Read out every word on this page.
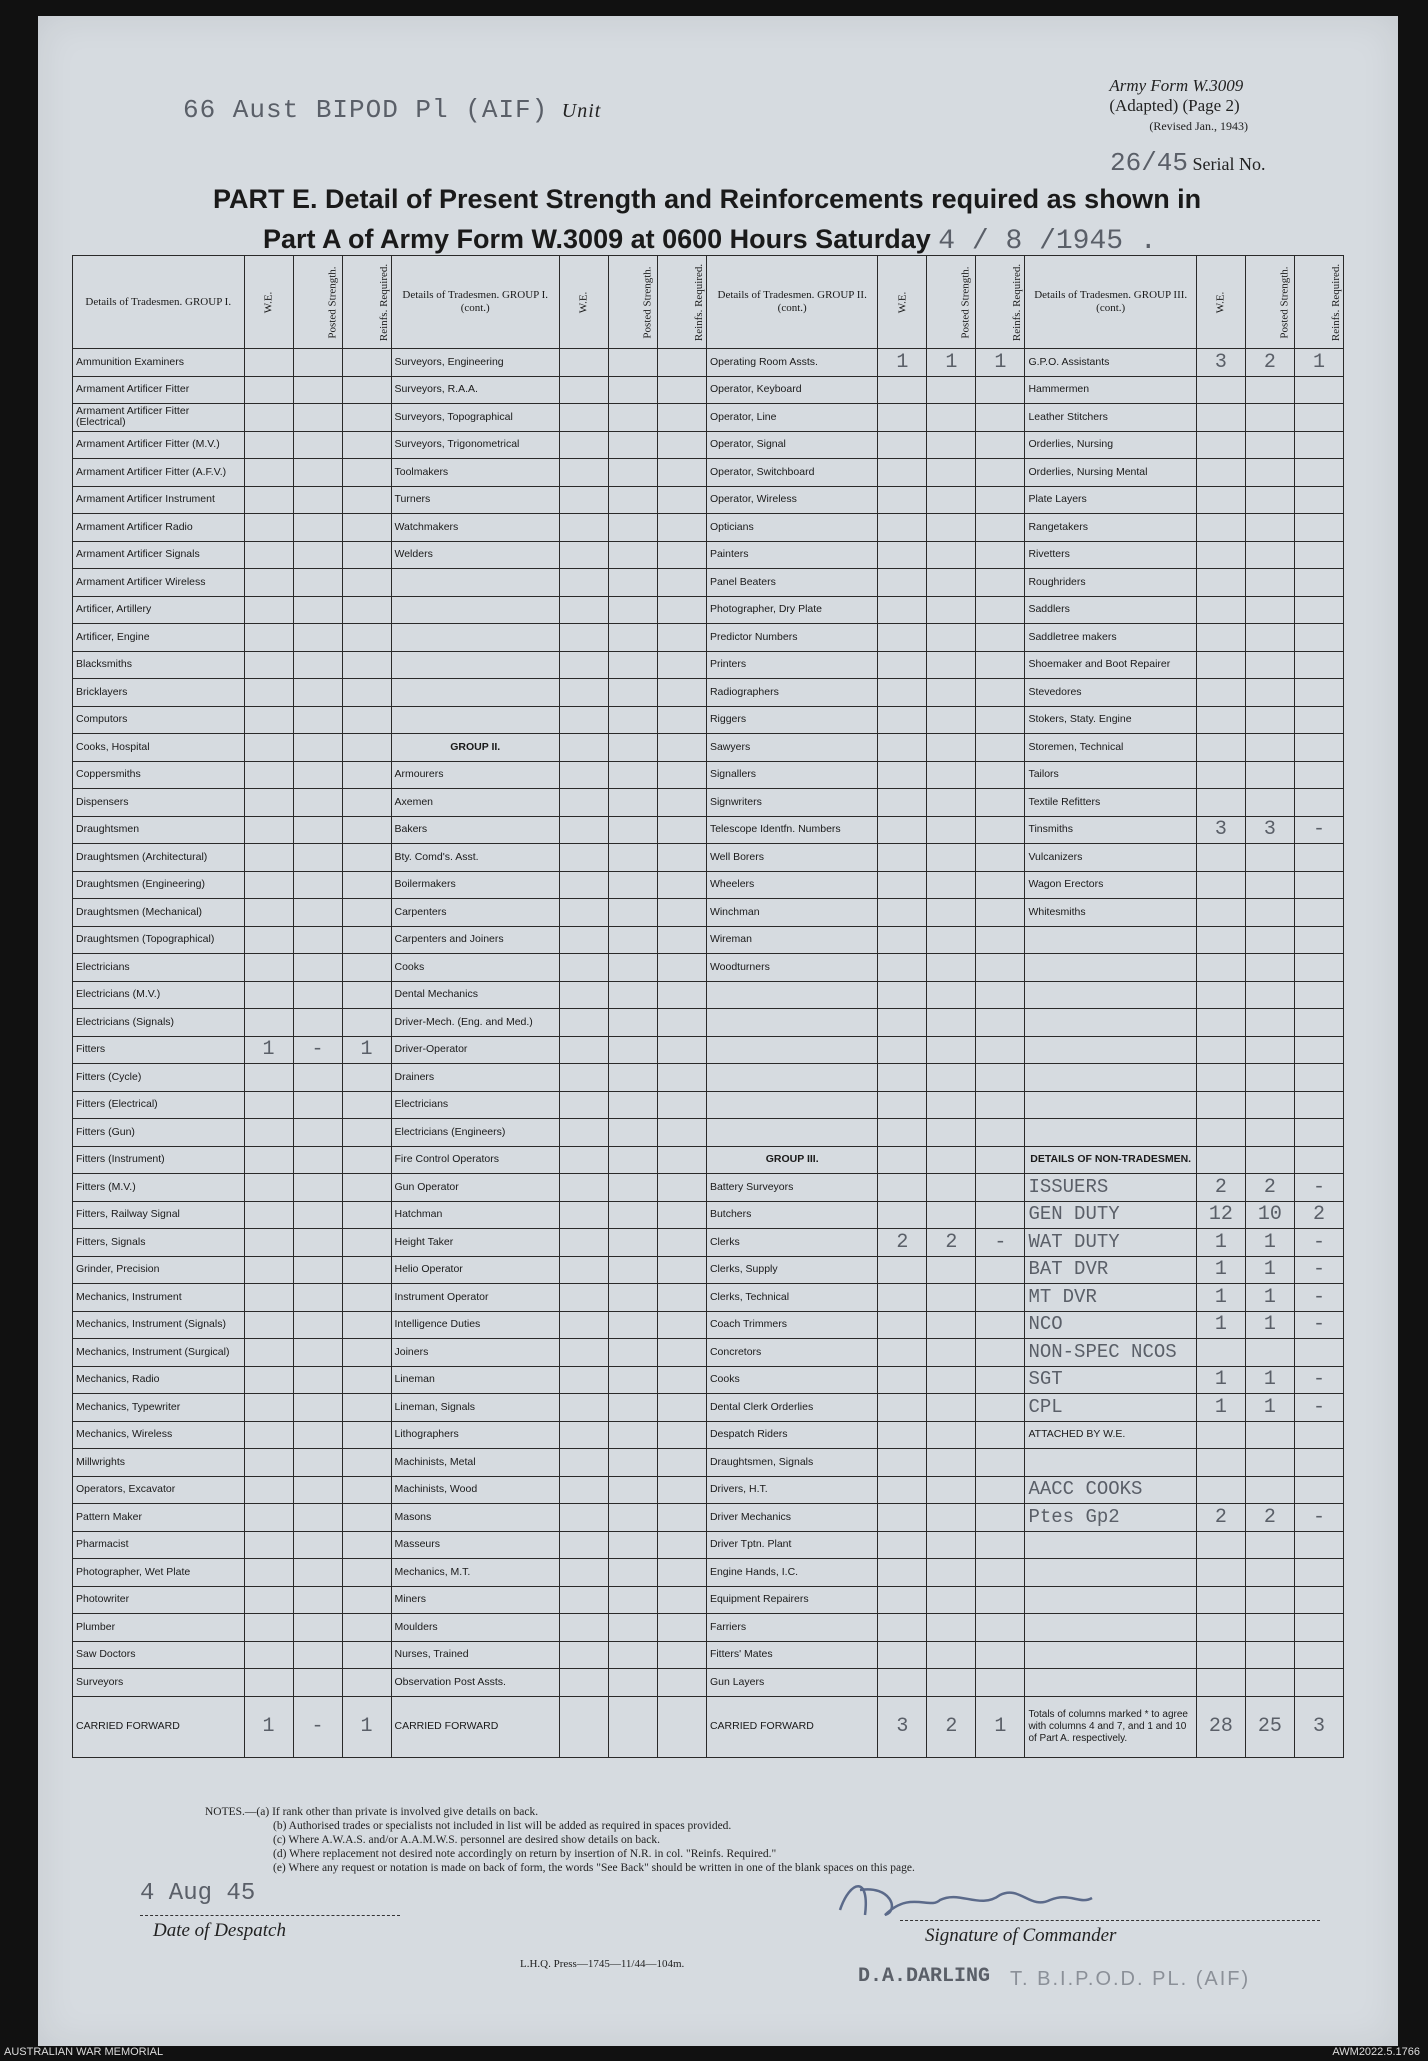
66 Aust BIPOD Pl (AIF) Unit
Army Form W.3009
(Adapted) (Page 2)
(Revised Jan., 1943)
26/45 Serial No.
PART E. Detail of Present Strength and Reinforcements required as shown in
Part A of Army Form W.3009 at 0600 Hours Saturday 4 / 8 /1945 .
Details of Tradesmen. GROUP I.	W.E.	Posted Strength.	Reinfs. Required.	Details of Tradesmen. GROUP I. (cont.)	W.E.	Posted Strength.	Reinfs. Required.	Details of Tradesmen. GROUP II. (cont.)	W.E.	Posted Strength.	Reinfs. Required.	Details of Tradesmen. GROUP III. (cont.)	W.E.	Posted Strength.	Reinfs. Required.
Ammunition Examiners				Surveyors, Engineering				Operating Room Assts.	1	1	1	G.P.O. Assistants	3	2	1
Armament Artificer Fitter				Surveyors, R.A.A.				Operator, Keyboard				Hammermen			
Armament Artificer Fitter (Electrical)				Surveyors, Topographical				Operator, Line				Leather Stitchers			
Armament Artificer Fitter (M.V.)				Surveyors, Trigonometrical				Operator, Signal				Orderlies, Nursing			
Armament Artificer Fitter (A.F.V.)				Toolmakers				Operator, Switchboard				Orderlies, Nursing Mental			
Armament Artificer Instrument				Turners				Operator, Wireless				Plate Layers			
Armament Artificer Radio				Watchmakers				Opticians				Rangetakers			
Armament Artificer Signals				Welders				Painters				Rivetters			
Armament Artificer Wireless								Panel Beaters				Roughriders			
Artificer, Artillery								Photographer, Dry Plate				Saddlers			
Artificer, Engine								Predictor Numbers				Saddletree makers			
Blacksmiths								Printers				Shoemaker and Boot Repairer			
Bricklayers								Radiographers				Stevedores			
Computors								Riggers				Stokers, Staty. Engine			
Cooks, Hospital				GROUP II.				Sawyers				Storemen, Technical			
Coppersmiths				Armourers				Signallers				Tailors			
Dispensers				Axemen				Signwriters				Textile Refitters			
Draughtsmen				Bakers				Telescope Identfn. Numbers				Tinsmiths	3	3	-
Draughtsmen (Architectural)				Bty. Comd's. Asst.				Well Borers				Vulcanizers			
Draughtsmen (Engineering)				Boilermakers				Wheelers				Wagon Erectors			
Draughtsmen (Mechanical)				Carpenters				Winchman				Whitesmiths			
Draughtsmen (Topographical)				Carpenters and Joiners				Wireman							
Electricians				Cooks				Woodturners							
Electricians (M.V.)				Dental Mechanics											
Electricians (Signals)				Driver-Mech. (Eng. and Med.)											
Fitters	1	-	1	Driver-Operator											
Fitters (Cycle)				Drainers											
Fitters (Electrical)				Electricians											
Fitters (Gun)				Electricians (Engineers)											
Fitters (Instrument)				Fire Control Operators				GROUP III.				DETAILS OF NON-TRADESMEN.			
Fitters (M.V.)				Gun Operator				Battery Surveyors				ISSUERS	2	2	-
Fitters, Railway Signal				Hatchman				Butchers				GEN DUTY	12	10	2
Fitters, Signals				Height Taker				Clerks	2	2	-	WAT DUTY	1	1	-
Grinder, Precision				Helio Operator				Clerks, Supply				BAT DVR	1	1	-
Mechanics, Instrument				Instrument Operator				Clerks, Technical				MT DVR	1	1	-
Mechanics, Instrument (Signals)				Intelligence Duties				Coach Trimmers				NCO	1	1	-
Mechanics, Instrument (Surgical)				Joiners				Concretors				NON-SPEC NCOS			
Mechanics, Radio				Lineman				Cooks				SGT	1	1	-
Mechanics, Typewriter				Lineman, Signals				Dental Clerk Orderlies				CPL	1	1	-
Mechanics, Wireless				Lithographers				Despatch Riders				ATTACHED BY W.E.			
Millwrights				Machinists, Metal				Draughtsmen, Signals							
Operators, Excavator				Machinists, Wood				Drivers, H.T.				AACC COOKS			
Pattern Maker				Masons				Driver Mechanics				Ptes Gp2	2	2	-
Pharmacist				Masseurs				Driver Tptn. Plant							
Photographer, Wet Plate				Mechanics, M.T.				Engine Hands, I.C.							
Photowriter				Miners				Equipment Repairers							
Plumber				Moulders				Farriers							
Saw Doctors				Nurses, Trained				Fitters' Mates							
Surveyors				Observation Post Assts.				Gun Layers							
CARRIED FORWARD	1	-	1	CARRIED FORWARD				CARRIED FORWARD	3	2	1	Totals of columns marked * to agree with columns 4 and 7, and 1 and 10 of Part A. respectively.	28	25	3
NOTES.—(a) If rank other than private is involved give details on back.
(b) Authorised trades or specialists not included in list will be added as required in spaces provided.
(c) Where A.W.A.S. and/or A.A.M.W.S. personnel are desired show details on back.
(d) Where replacement not desired note accordingly on return by insertion of N.R. in col. "Reinfs. Required."
(e) Where any request or notation is made on back of form, the words "See Back" should be written in one of the blank spaces on this page.
4 Aug 45
Date of Despatch	Signature of Commander
L.H.Q. Press—1745—11/44—104m.
D.A.DARLING T. B.I.P.O.D. PL. (AIF)
AUSTRALIAN WAR MEMORIAL	AWM2022.5.1766
